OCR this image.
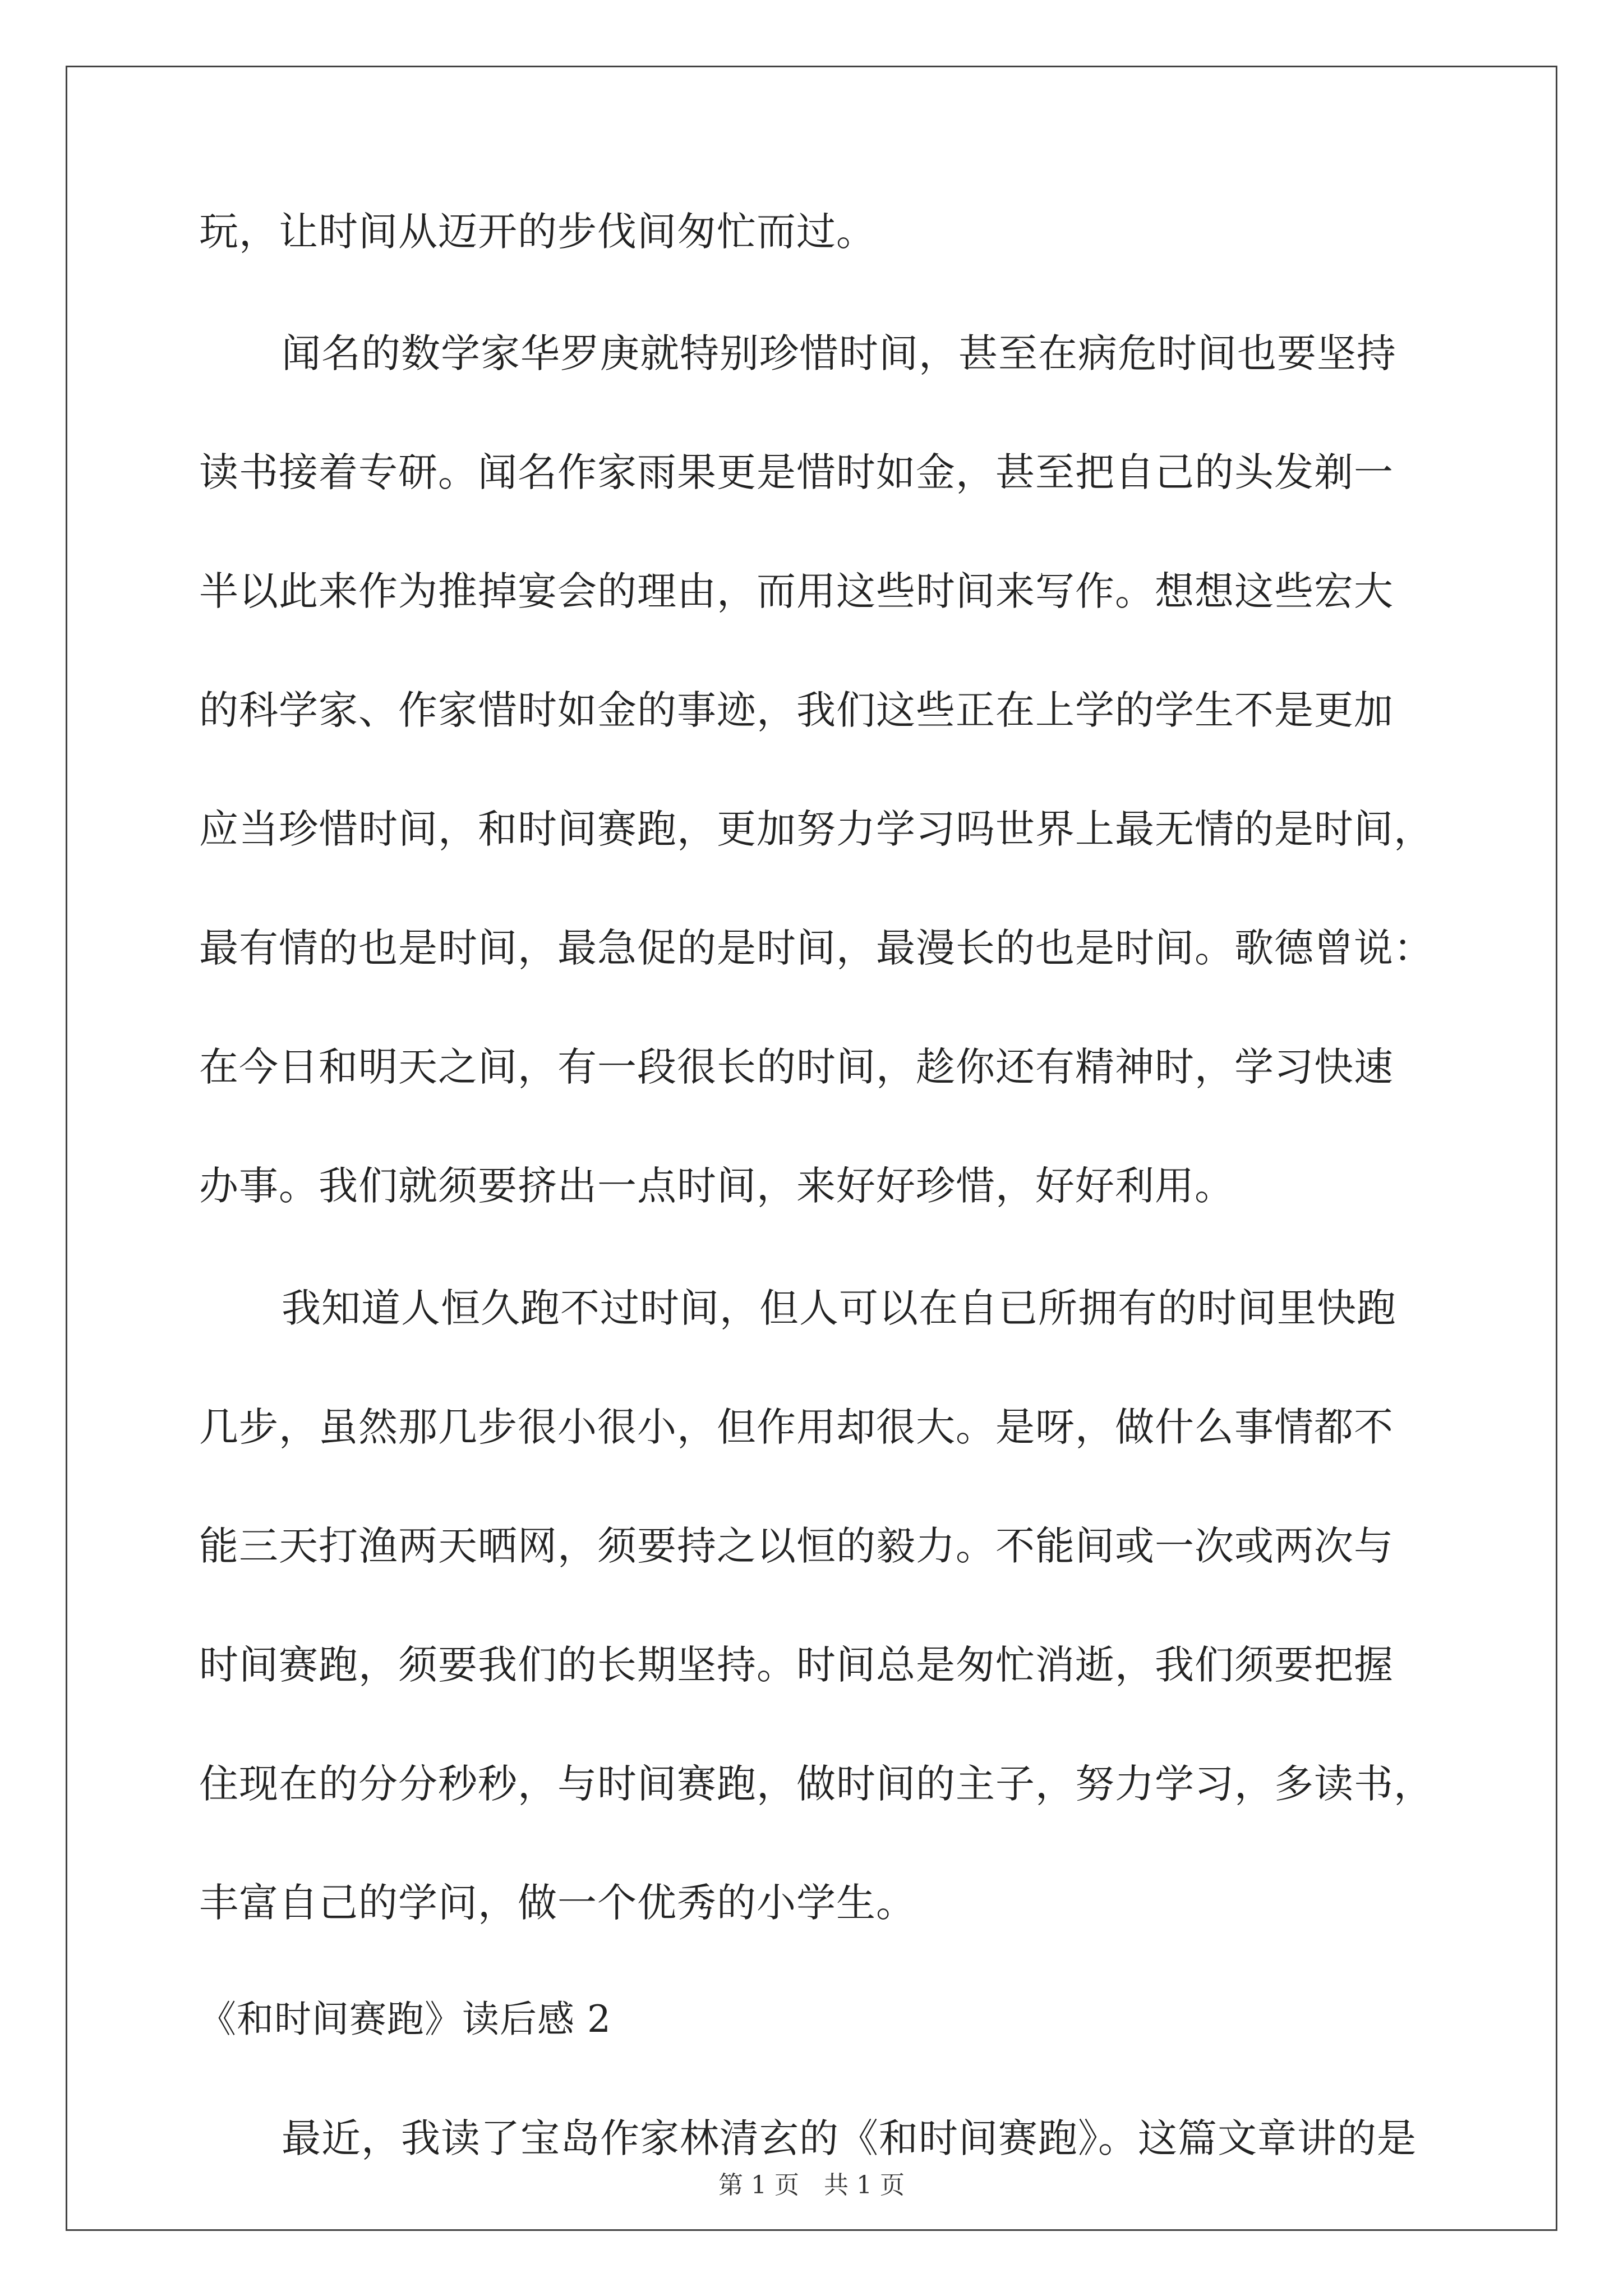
玩，让时间从迈开的步伐间匆忙而过。
闻名的数学家华罗庚就特别珍惜时间，甚至在病危时间也要坚持
读书接着专研。闻名作家雨果更是惜时如金，甚至把自己的头发剃一
半以此来作为推掉宴会的理由，而用这些时间来写作。想想这些宏大
的科学家、作家惜时如金的事迹，我们这些正在上学的学生不是更加
应当珍惜时间，和时间赛跑，更加努力学习吗世界上最无情的是时间，
最有情的也是时间，最急促的是时间，最漫长的也是时间。歌德曾说：
在今日和明天之间，有一段很长的时间，趁你还有精神时，学习快速
办事。我们就须要挤出一点时间，来好好珍惜，好好利用。
我知道人恒久跑不过时间，但人可以在自已所拥有的时间里快跑
几步，虽然那几步很小很小，但作用却很大。是呀，做什么事情都不
能三天打渔两天晒网，须要持之以恒的毅力。不能间或一次或两次与
时间赛跑，须要我们的长期坚持。时间总是匆忙消逝，我们须要把握
住现在的分分秒秒，与时间赛跑，做时间的主子，努力学习，多读书，
丰富自己的学问，做一个优秀的小学生。
《和时间赛跑》读后感 2
最近，我读了宝岛作家林清玄的《和时间赛跑》。这篇文章讲的是
第 1 页　共 1 页
